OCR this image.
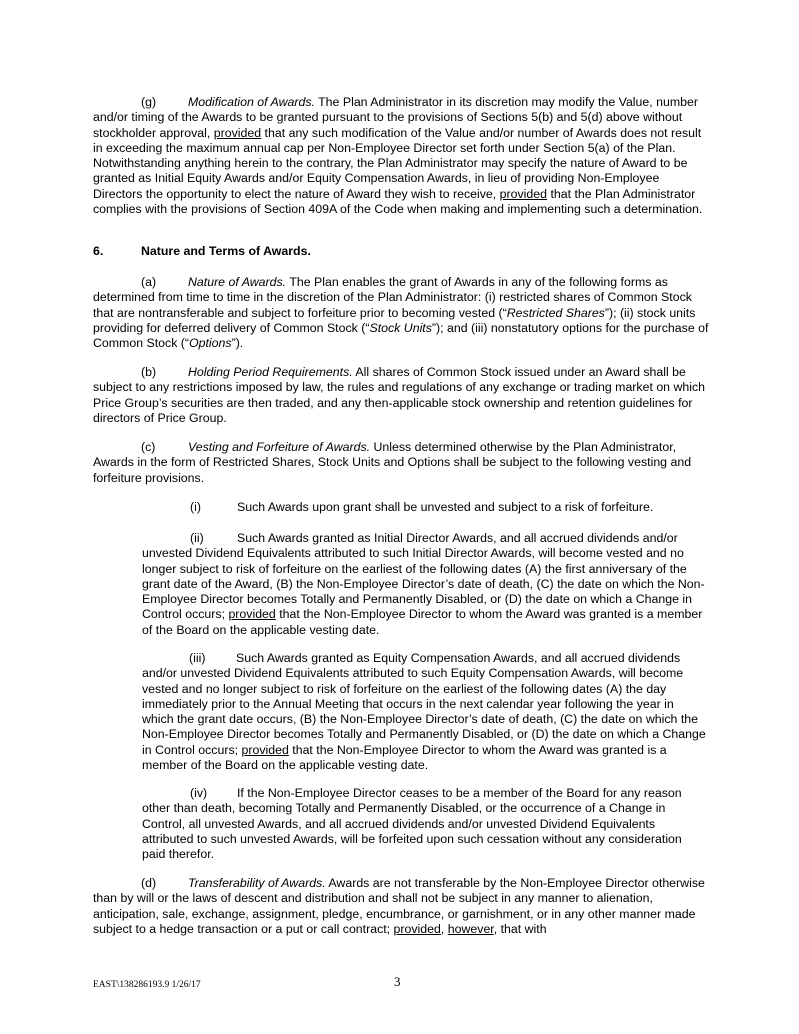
(g)	Modification of Awards. The Plan Administrator in its discretion may modify the Value, number and/or timing of the Awards to be granted pursuant to the provisions of Sections 5(b) and 5(d) above without stockholder approval, provided that any such modification of the Value and/or number of Awards does not result in exceeding the maximum annual cap per Non-Employee Director set forth under Section 5(a) of the Plan. Notwithstanding anything herein to the contrary, the Plan Administrator may specify the nature of Award to be granted as Initial Equity Awards and/or Equity Compensation Awards, in lieu of providing Non-Employee Directors the opportunity to elect the nature of Award they wish to receive, provided that the Plan Administrator complies with the provisions of Section 409A of the Code when making and implementing such a determination.

6.	Nature and Terms of Awards.

(a)	Nature of Awards. The Plan enables the grant of Awards in any of the following forms as determined from time to time in the discretion of the Plan Administrator: (i) restricted shares of Common Stock that are nontransferable and subject to forfeiture prior to becoming vested (“Restricted Shares”); (ii) stock units providing for deferred delivery of Common Stock (“Stock Units”); and (iii) nonstatutory options for the purchase of Common Stock (“Options”).

(b)	Holding Period Requirements. All shares of Common Stock issued under an Award shall be subject to any restrictions imposed by law, the rules and regulations of any exchange or trading market on which Price Group’s securities are then traded, and any then-applicable stock ownership and retention guidelines for directors of Price Group.

(c)	Vesting and Forfeiture of Awards. Unless determined otherwise by the Plan Administrator, Awards in the form of Restricted Shares, Stock Units and Options shall be subject to the following vesting and forfeiture provisions.

(i)	Such Awards upon grant shall be unvested and subject to a risk of forfeiture.

(ii)	Such Awards granted as Initial Director Awards, and all accrued dividends and/or unvested Dividend Equivalents attributed to such Initial Director Awards, will become vested and no longer subject to risk of forfeiture on the earliest of the following dates (A) the first anniversary of the grant date of the Award, (B) the Non-Employee Director’s date of death, (C) the date on which the Non-Employee Director becomes Totally and Permanently Disabled, or (D) the date on which a Change in Control occurs; provided that the Non-Employee Director to whom the Award was granted is a member of the Board on the applicable vesting date.

(iii) Such Awards granted as Equity Compensation Awards, and all accrued dividends and/or unvested Dividend Equivalents attributed to such Equity Compensation Awards, will become vested and no longer subject to risk of forfeiture on the earliest of the following dates (A) the day immediately prior to the Annual Meeting that occurs in the next calendar year following the year in which the grant date occurs, (B) the Non-Employee Director’s date of death, (C) the date on which the Non-Employee Director becomes Totally and Permanently Disabled, or (D) the date on which a Change in Control occurs; provided that the Non-Employee Director to whom the Award was granted is a member of the Board on the applicable vesting date.

(iv) If the Non-Employee Director ceases to be a member of the Board for any reason other than death, becoming Totally and Permanently Disabled, or the occurrence of a Change in Control, all unvested Awards, and all accrued dividends and/or unvested Dividend Equivalents attributed to such unvested Awards, will be forfeited upon such cessation without any consideration paid therefor.

(d)	Transferability of Awards. Awards are not transferable by the Non-Employee Director otherwise than by will or the laws of descent and distribution and shall not be subject in any manner to alienation, anticipation, sale, exchange, assignment, pledge, encumbrance, or garnishment, or in any other manner made subject to a hedge transaction or a put or call contract; provided, however, that with

EAST\138286193.9 1/26/17	3
